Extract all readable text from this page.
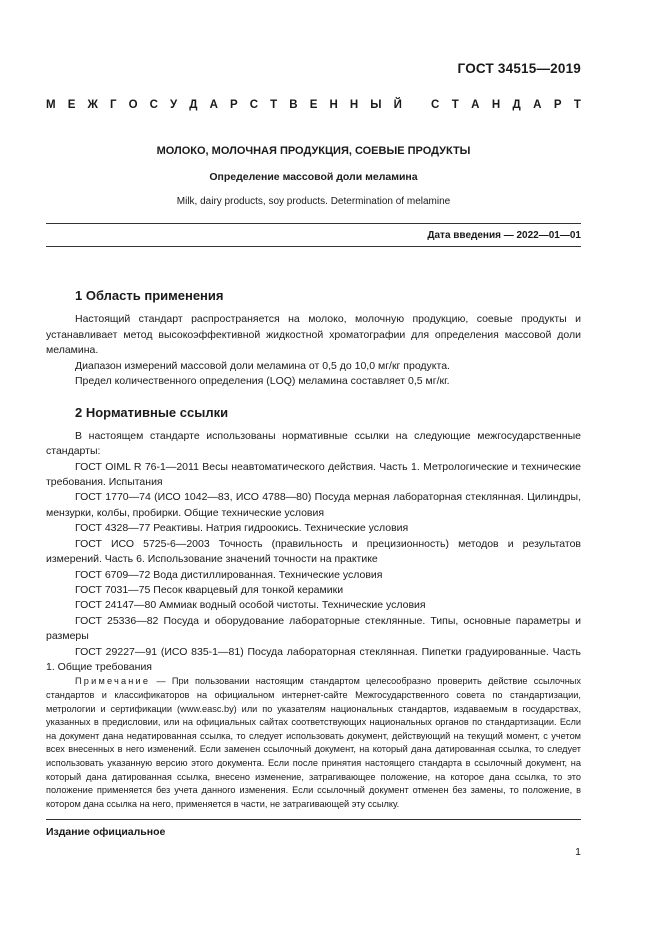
ГОСТ 34515—2019
М Е Ж Г О С У Д А Р С Т В Е Н Н Ы Й	С Т А Н Д А Р Т
МОЛОКО, МОЛОЧНАЯ ПРОДУКЦИЯ, СОЕВЫЕ ПРОДУКТЫ
Определение массовой доли меламина
Milk, dairy products, soy products. Determination of melamine
Дата введения — 2022—01—01
1 Область применения

Настоящий стандарт распространяется на молоко, молочную продукцию, соевые продукты и устанавливает метод высокоэффективной жидкостной хроматографии для определения массовой доли меламина.

Диапазон измерений массовой доли меламина от 0,5 до 10,0 мг/кг продукта.

Предел количественного определения (LOQ) меламина составляет 0,5 мг/кг.

2 Нормативные ссылки

В настоящем стандарте использованы нормативные ссылки на следующие межгосударственные стандарты:

ГОСТ OIML R 76-1—2011 Весы неавтоматического действия. Часть 1. Метрологические и технические требования. Испытания

ГОСТ 1770—74 (ИСО 1042—83, ИСО 4788—80) Посуда мерная лабораторная стеклянная. Цилиндры, мензурки, колбы, пробирки. Общие технические условия

ГОСТ 4328—77 Реактивы. Натрия гидроокись. Технические условия

ГОСТ ИСО 5725-6—2003 Точность (правильность и прецизионность) методов и результатов измерений. Часть 6. Использование значений точности на практике

ГОСТ 6709—72 Вода дистиллированная. Технические условия

ГОСТ 7031—75 Песок кварцевый для тонкой керамики

ГОСТ 24147—80 Аммиак водный особой чистоты. Технические условия

ГОСТ 25336—82 Посуда и оборудование лабораторные стеклянные. Типы, основные параметры и размеры

ГОСТ 29227—91 (ИСО 835-1—81) Посуда лабораторная стеклянная. Пипетки градуированные. Часть 1. Общие требования

Примечание — При пользовании настоящим стандартом целесообразно проверить действие ссылочных стандартов и классификаторов на официальном интернет-сайте Межгосударственного совета по стандартизации, метрологии и сертификации (www.easc.by) или по указателям национальных стандартов, издаваемым в государствах, указанных в предисловии, или на официальных сайтах соответствующих национальных органов по стандартизации. Если на документ дана недатированная ссылка, то следует использовать документ, действующий на текущий момент, с учетом всех внесенных в него изменений. Если заменен ссылочный документ, на который дана датированная ссылка, то следует использовать указанную версию этого документа. Если после принятия настоящего стандарта в ссылочный документ, на который дана датированная ссылка, внесено изменение, затрагивающее положение, на которое дана ссылка, то это положение применяется без учета данного изменения. Если ссылочный документ отменен без замены, то положение, в котором дана ссылка на него, применяется в части, не затрагивающей эту ссылку.

Издание официальное
1
